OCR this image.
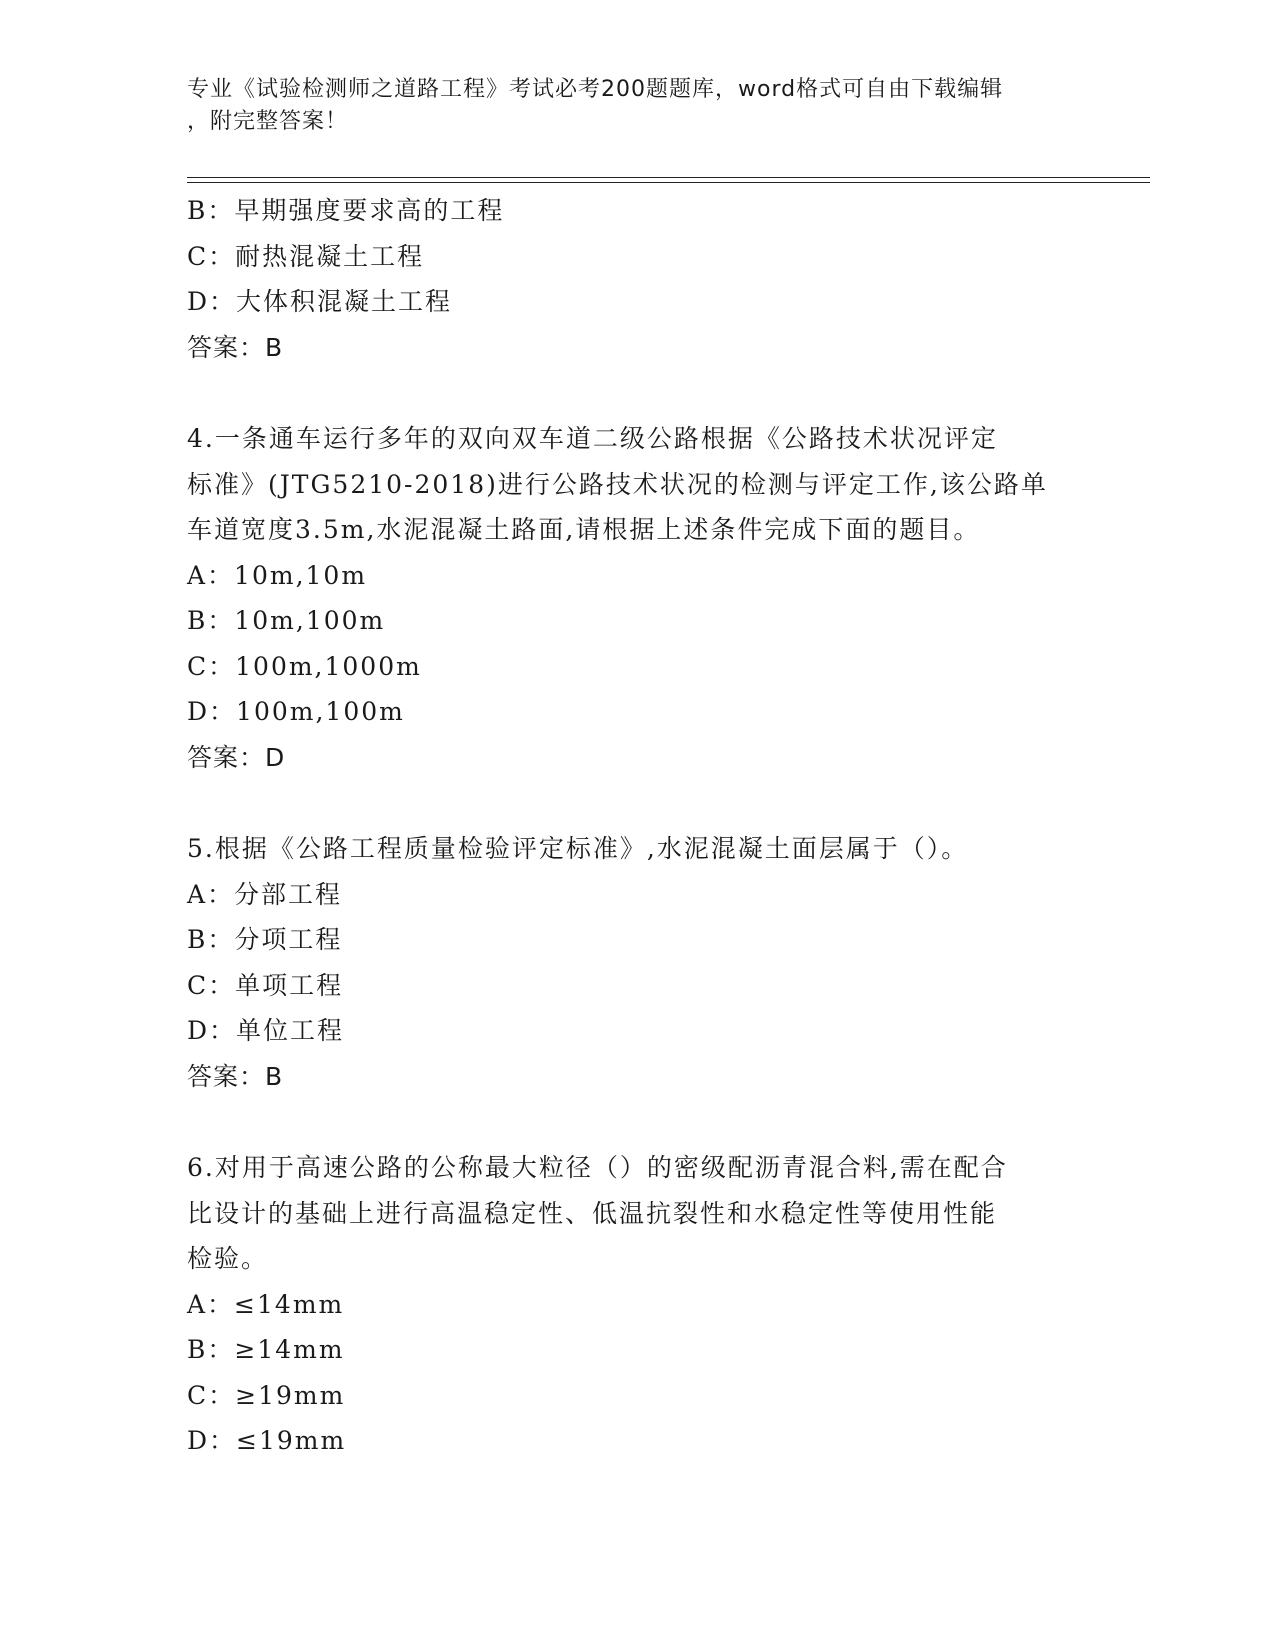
专业《试验检测师之道路工程》考试必考200题题库，word格式可自由下载编辑
，附完整答案！
B：早期强度要求高的工程
C：耐热混凝土工程
D：大体积混凝土工程
答案：B
4.一条通车运行多年的双向双车道二级公路根据《公路技术状况评定
标准》(JTG5210-2018)进行公路技术状况的检测与评定工作,该公路单
车道宽度3.5m,水泥混凝土路面,请根据上述条件完成下面的题目。
A：10m,10m
B：10m,100m
C：100m,1000m
D：100m,100m
答案：D
5.根据《公路工程质量检验评定标准》,水泥混凝土面层属于（）。
A：分部工程
B：分项工程
C：单项工程
D：单位工程
答案：B
6.对用于高速公路的公称最大粒径（）的密级配沥青混合料,需在配合
比设计的基础上进行高温稳定性、低温抗裂性和水稳定性等使用性能
检验。
A：≤14mm
B：≥14mm
C：≥19mm
D：≤19mm
